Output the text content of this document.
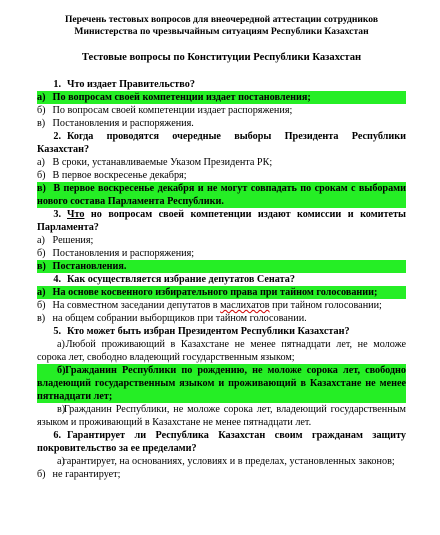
Перечень тестовых вопросов для внеочередной аттестации сотрудников
Министерства по чрезвычайным ситуациям Республики Казахстан
Тестовые вопросы по Конституции Республики Казахстан
1. Что издает Правительство?
а) По вопросам своей компетенции издает постановления;
б) По вопросам своей компетенции издает распоряжения;
в) Постановления и распоряжения.
2. Когда проводятся очередные выборы Президента Республики Казахстан?
а) В сроки, устанавливаемые Указом Президента РК;
б) В первое воскресенье декабря;
в) В первое воскресенье декабря и не могут совпадать по срокам с выборами нового состава Парламента Республики.
3. Что но вопросам своей компетенции издают комиссии и комитеты Парламента?
а) Решения;
б) Постановления и распоряжения;
в) Постановления.
4. Как осуществляется избрание депутатов Сената?
а) На основе косвенного избирательного права при тайном голосовании;
б) На совместном заседании депутатов в маслихатов при тайном голосовании;
в) на общем собрании выборщиков при тайном голосовании.
5. Кто может быть избран Президентом Республики Казахстан?
а) Любой проживающий в Казахстане не менее пятнадцати лет, не моложе сорока лет, свободно владеющий государственным языком;
б) Гражданин Республики по рождению, не моложе сорока лет, свободно владеющий государственным языком и проживающий в Казахстане не менее пятнадцати лет;
в) Гражданин Республики, не моложе сорока лет, владеющий государственным языком и проживающий в Казахстане не менее пятнадцати лет.
6. Гарантирует ли Республика Казахстан своим гражданам защиту покровительство за ее пределами?
а) гарантирует, на основаниях, условиях и в пределах, установленных законов;
б) не гарантирует;
